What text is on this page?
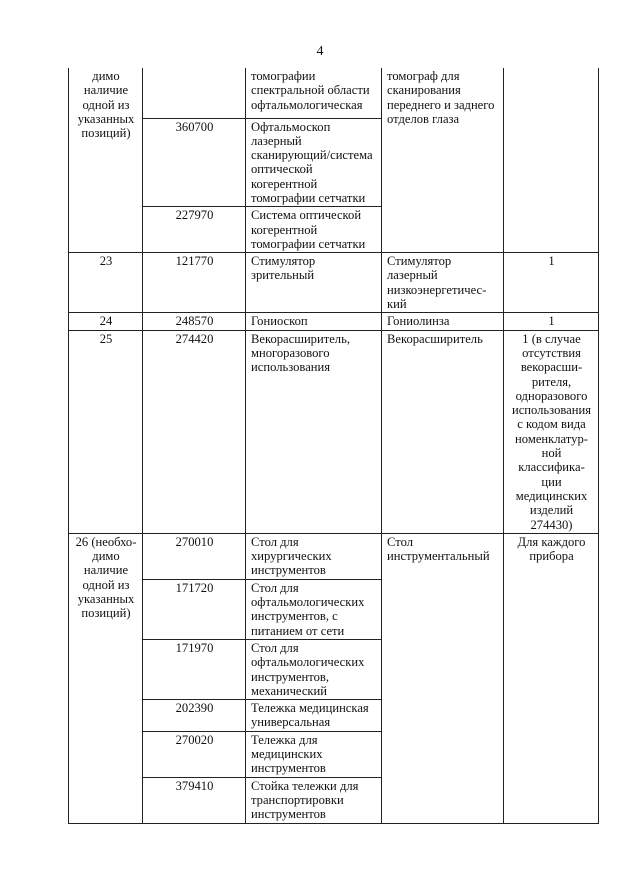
4
димо наличие одной из указанных позиций)		томографии спектральной области офтальмологическая	томограф для сканирования переднего и заднего отделов глаза	
	360700	Офтальмоскоп лазерный сканирующий/система оптической когерентной томографии сетчатки		
	227970	Система оптической когерентной томографии сетчатки		
23	121770	Стимулятор зрительный	Стимулятор лазерный низкоэнергетичес-кий	1
24	248570	Гониоскоп	Гониолинза	1
25	274420	Векорасширитель, многоразового использования	Векорасширитель	1 (в случае отсутствия векорасши-рителя, одноразового использования с кодом вида номенклатур-ной классифика-ции медицинских изделий 274430)
26 (необхо-димо наличие одной из указанных позиций)	270010	Стол для хирургических инструментов	Стол инструментальный	Для каждого прибора
	171720	Стол для офтальмологических инструментов, с питанием от сети		
	171970	Стол для офтальмологических инструментов, механический		
	202390	Тележка медицинская универсальная		
	270020	Тележка для медицинских инструментов		
	379410	Стойка тележки для транспортировки инструментов		
